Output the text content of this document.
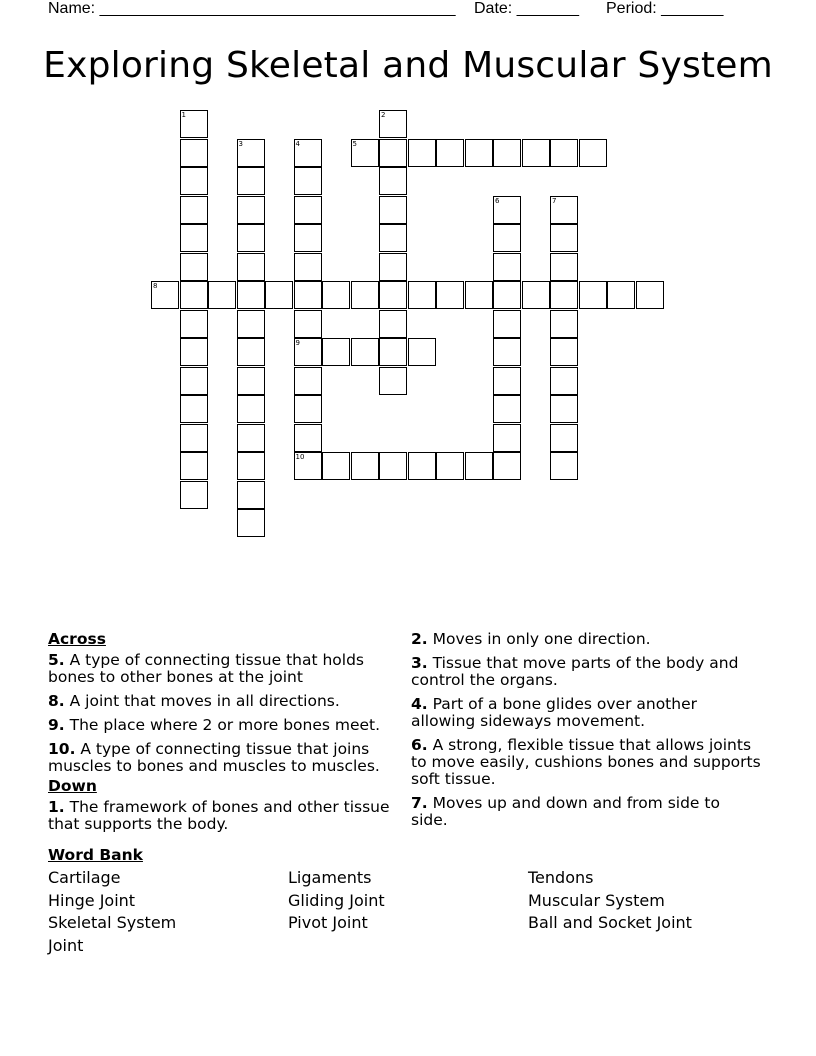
Name: ________________________________________ Date: _______ Period: _______
Exploring Skeletal and Muscular System
1	2
3	4
9
10
5
6	7
8
Across
5. A type of connecting tissue that holds bones to other bones at the joint
8. A joint that moves in all directions.
9. The place where 2 or more bones meet.
10. A type of connecting tissue that joins muscles to bones and muscles to muscles.
Down
1. The framework of bones and other tissue that supports the body.
2. Moves in only one direction.
3. Tissue that move parts of the body and control the organs.
4. Part of a bone glides over another allowing sideways movement.
6. A strong, flexible tissue that allows joints to move easily, cushions bones and supports soft tissue.
7. Moves up and down and from side to side.
Word Bank
Cartilage
Hinge Joint
Skeletal System
Joint
Ligaments
Gliding Joint
Pivot Joint
Tendons
Muscular System
Ball and Socket Joint
